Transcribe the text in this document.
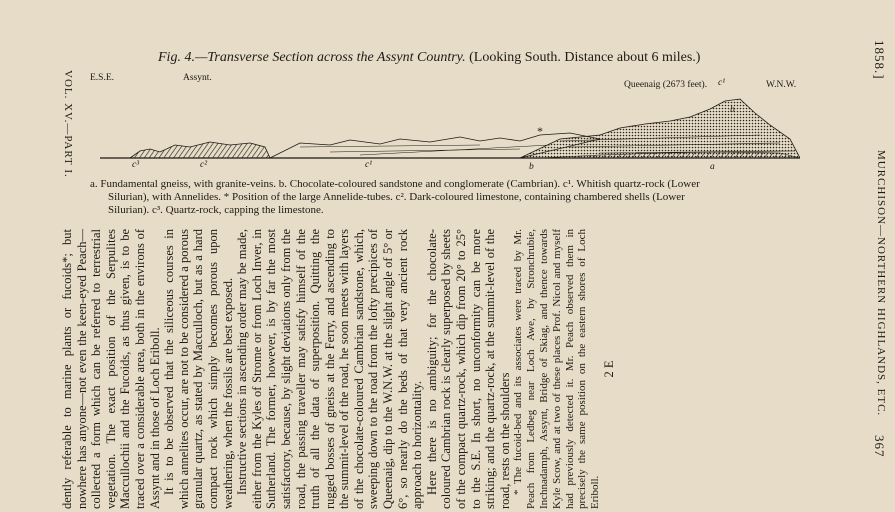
VOL. XV.—PART I.
1858.]
MURCHISON—NORTHERN HIGHLANDS, ETC.
367
Fig. 4.—Transverse Section across the Assynt Country. (Looking South. Distance about 6 miles.)
E.S.E.	Assynt.
Queenaig (2673 feet). c¹	W.N.W.
*
c³	c²	c¹	b	a

a. Fundamental gneiss, with granite-veins. b. Chocolate-coloured sandstone and conglomerate (Cambrian). c¹. Whitish quartz-rock (Lower

Silurian), with Annelides. * Position of the large Annelide-tubes. c². Dark-coloured limestone, containing chambered shells (Lower

Silurian). c³. Quartz-rock, capping the limestone.

dently referable to marine plants or fucoids*; but nowhere has anyone—not even the keen-eyed Peach—collected a form which can be referred to terrestrial vegetation. The exact position of the Serpulites Maccullochii and the Fucoids, as thus given, is to be traced over a considerable area, both in the environs of Assynt and in those of Loch Eriboll. It is to be observed that the siliceous courses in which annelites occur, are not to be considered a porous granular quartz, as stated by Macculloch, but as a hard compact rock which simply becomes porous upon weathering, when the fossils are best exposed. Instructive sections in ascending order may be made, either from the Kyles of Strome or from Loch Inver, in Sutherland. The former, however, is by far the most satisfactory, because, by slight deviations only from the road, the passing traveller may satisfy himself of the truth of all the data of superposition. Quitting the rugged bosses of gneiss at the Ferry, and ascending to the summit-level of the road, he soon meets with layers of the chocolate-coloured Cambrian sandstone, which, sweeping down to the road from the lofty precipices of Queenaig, dip to the W.N.W. at the slight angle of 5° or 6°, so nearly do the beds of that very ancient rock approach to horizontality. Here there is no ambiguity; for the chocolate-coloured Cambrian rock is clearly superposed by sheets of the compact quartz-rock, which dip from 20° to 25° to the S.E. In short, no unconformity can be more striking; and the quartz-rock, at the summit-level of the road, rests on the shoulders * The fucoid-bed and its associates were traced by Mr. Peach from Ledbeg near Loch Awe, by Stronchrubie, Inchnadamph, Assynt, Bridge of Skiag, and thence towards Kyle Scow, and at two of these places Prof. Nicol and myself had previously detected it. Mr. Peach observed them in precisely the same position on the eastern shores of Loch Eriboll.

2 E
